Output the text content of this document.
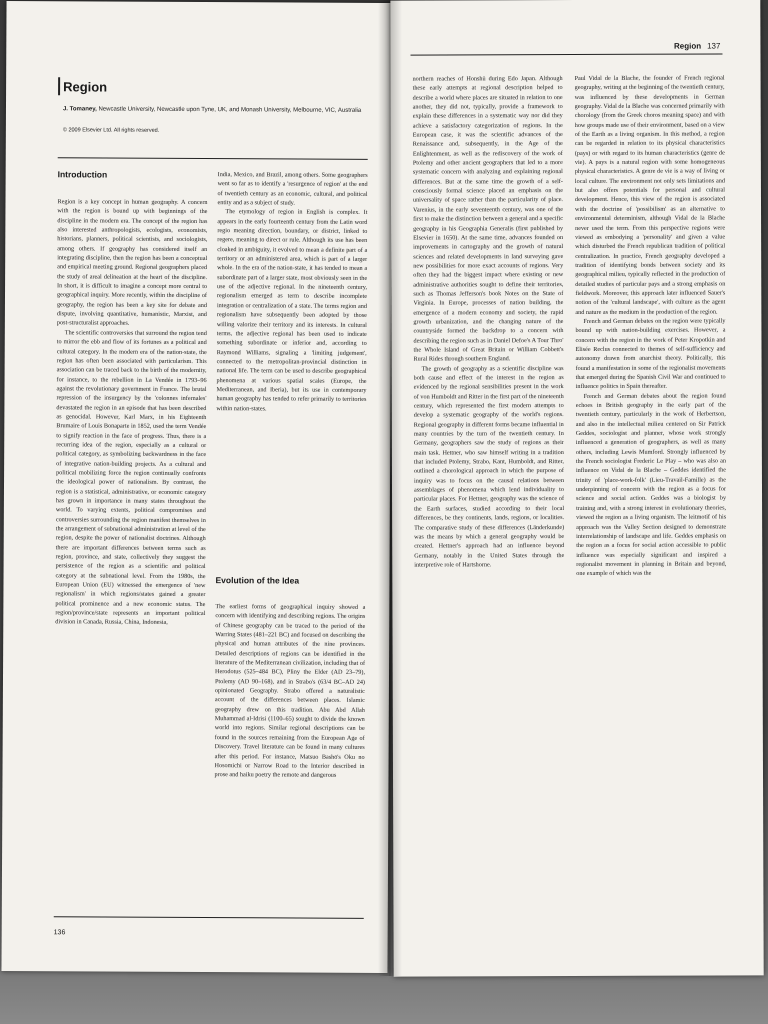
Region
J. Tomaney, Newcastle University, Newcastle upon Tyne, UK, and Monash University, Melbourne, VIC, Australia
© 2009 Elsevier Ltd. All rights reserved.
Introduction

Region is a key concept in human geography. A concern with the region is bound up with beginnings of the discipline in the modern era. The concept of the region has also interested anthropologists, ecologists, economists, historians, planners, political scientists, and sociologists, among others. If geography has considered itself an integrating discipline, then the region has been a conceptual and empirical meeting ground. Regional geographers placed the study of areal delineation at the heart of the discipline. In short, it is difficult to imagine a concept more central to geographical inquiry. More recently, within the discipline of geography, the region has been a key site for debate and dispute, involving quantitative, humanistic, Marxist, and post-structuralist approaches.

The scientific controversies that surround the region tend to mirror the ebb and flow of its fortunes as a political and cultural category. In the modern era of the nation-state, the region has often been associated with particularism. This association can be traced back to the birth of the modernity, for instance, to the rebellion in La Vendée in 1793–96 against the revolutionary government in France. The brutal repression of the insurgency by the 'colonnes infernales' devastated the region in an episode that has been described as genocidal. However, Karl Marx, in his Eighteenth Brumaire of Louis Bonaparte in 1852, used the term Vendée to signify reaction in the face of progress. Thus, there is a recurring idea of the region, especially as a cultural or political category, as symbolizing backwardness in the face of integrative nation-building projects. As a cultural and political mobilizing force the region continually confronts the ideological power of nationalism. By contrast, the region is a statistical, administrative, or economic category has grown in importance in many states throughout the world. To varying extents, political compromises and controversies surrounding the region manifest themselves in the arrangement of subnational administration at level of the region, despite the power of nationalist doctrines. Although there are important differences between terms such as region, province, and state, collectively they suggest the persistence of the region as a scientific and political category at the subnational level. From the 1980s, the European Union (EU) witnessed the emergence of 'new regionalism' in which regions/states gained a greater political prominence and a new economic status. The region/province/state represents an important political division in Canada, Russia, China, Indonesia,

India, Mexico, and Brazil, among others. Some geographers went so far as to identify a 'resurgence of region' at the end of twentieth century as an economic, cultural, and political entity and as a subject of study.

The etymology of region in English is complex. It appears in the early fourteenth century from the Latin word regio meaning direction, boundary, or district, linked to regere, meaning to direct or rule. Although its use has been cloaked in ambiguity, it evolved to mean a definite part of a territory or an administered area, which is part of a larger whole. In the era of the nation-state, it has tended to mean a subordinate part of a larger state, most obviously seen in the use of the adjective regional. In the nineteenth century, regionalism emerged as term to describe incomplete integration or centralization of a state. The terms region and regionalism have subsequently been adopted by those willing valorize their territory and its interests. In cultural terms, the adjective regional has been used to indicate something subordinate or inferior and, according to Raymond Williams, signaling a 'limiting judgement', connected to the metropolitan-provincial distinction in national life. The term can be used to describe geographical phenomena at various spatial scales (Europe, the Mediterranean, and Iberia), but its use in contemporary human geography has tended to refer primarily to territories within nation-states.

Evolution of the Idea

The earliest forms of geographical inquiry showed a concern with identifying and describing regions. The origins of Chinese geography can be traced to the period of the Warring States (481–221 BC) and focused on describing the physical and human attributes of the nine provinces. Detailed descriptions of regions can be identified in the literature of the Mediterranean civilization, including that of Herodotus (525–484 BC), Pliny the Elder (AD 23–79), Ptolemy (AD 90–168), and in Strabo's (63/4 BC–AD 24) opinionated Geography. Strabo offered a naturalistic account of the differences between places. Islamic geography drew on this tradition. Abu Abd Allah Muhammad al-Idrisi (1100–65) sought to divide the known world into regions. Similar regional descriptions can be found in the sources remaining from the European Age of Discovery. Travel literature can be found in many cultures after this period. For instance, Matsuo Bashō's Oku no Hosomichi or Narrow Road to the Interior described in prose and haiku poetry the remote and dangerous

136
Region 137

northern reaches of Honshū during Edo Japan. Although these early attempts at regional description helped to describe a world where places are situated in relation to one another, they did not, typically, provide a framework to explain these differences in a systematic way nor did they achieve a satisfactory categorization of regions. In the European case, it was the scientific advances of the Renaissance and, subsequently, in the Age of the Enlightenment, as well as the rediscovery of the work of Ptolemy and other ancient geographers that led to a more systematic concern with analyzing and explaining regional differences. But at the same time the growth of a self-consciously formal science placed an emphasis on the universality of space rather than the particularity of place. Varenius, in the early seventeenth century, was one of the first to make the distinction between a general and a specific geography in his Geographia Generalis (first published by Elsevier in 1650). At the same time, advances founded on improvements in cartography and the growth of natural sciences and related developments in land surveying gave new possibilities for more exact accounts of regions. Very often they had the biggest impact where existing or new administrative authorities sought to define their territories, such as Thomas Jefferson's book Notes on the State of Virginia. In Europe, processes of nation building, the emergence of a modern economy and society, the rapid growth urbanization, and the changing nature of the countryside formed the backdrop to a concern with describing the region such as in Daniel Defoe's A Tour Thro' the Whole Island of Great Britain or William Cobbett's Rural Rides through southern England.

The growth of geography as a scientific discipline was both cause and effect of the interest in the region as evidenced by the regional sensibilities present in the work of von Humboldt and Ritter in the first part of the nineteenth century, which represented the first modern attempts to develop a systematic geography of the world's regions. Regional geography in different forms became influential in many countries by the turn of the twentieth century. In Germany, geographers saw the study of regions as their main task. Hettner, who saw himself writing in a tradition that included Ptolemy, Strabo, Kant, Humboldt, and Ritter, outlined a chorological approach in which the purpose of inquiry was to focus on the causal relations between assemblages of phenomena which lend individuality to particular places. For Hettner, geography was the science of the Earth surfaces, studied according to their local differences, be they continents, lands, regions, or localities. The comparative study of these differences (Länderkunde) was the means by which a general geography would be created. Hettner's approach had an influence beyond Germany, notably in the United States through the interpretive role of Hartshorne.

Paul Vidal de la Blache, the founder of French regional geography, writing at the beginning of the twentieth century, was influenced by these developments in German geography. Vidal de la Blache was concerned primarily with chorology (from the Greek choros meaning space) and with how groups made use of their environment, based on a view of the Earth as a living organism. In this method, a region can be regarded in relation to its physical characteristics (pays) or with regard to its human characteristics (genre de vie). A pays is a natural region with some homogeneous physical characteristics. A genre de vie is a way of living or local culture. The environment not only sets limitations and but also offers potentials for personal and cultural development. Hence, this view of the region is associated with the doctrine of 'possibilism' as an alternative to environmental determinism, although Vidal de la Blache never used the term. From this perspective regions were viewed as embodying a 'personality' and given a value which disturbed the French republican tradition of political centralization. In practice, French geography developed a tradition of identifying bonds between society and its geographical milieu, typically reflected in the production of detailed studies of particular pays and a strong emphasis on fieldwork. Moreover, this approach later influenced Sauer's notion of the 'cultural landscape', with culture as the agent and nature as the medium in the production of the region.

French and German debates on the region were typically bound up with nation-building exercises. However, a concern with the region in the work of Peter Kropotkin and Elisée Reclus connected to themes of self-sufficiency and autonomy drawn from anarchist theory. Politically, this found a manifestation in some of the regionalist movements that emerged during the Spanish Civil War and continued to influence politics in Spain thereafter.

French and German debates about the region found echoes in British geography in the early part of the twentieth century, particularly in the work of Herbertson, and also in the intellectual milieu centered on Sir Patrick Geddes, sociologist and planner, whose work strongly influenced a generation of geographers, as well as many others, including Lewis Mumford. Strongly influenced by the French sociologist Frederic Le Play – who was also an influence on Vidal de la Blache – Geddes identified the trinity of 'place-work-folk' (Lieu-Travail-Famille) as the underpinning of concern with the region as a focus for science and social action. Geddes was a biologist by training and, with a strong interest in evolutionary theories, viewed the region as a living organism. The leitmotif of his approach was the Valley Section designed to demonstrate interrelationship of landscape and life. Geddes emphasis on the region as a focus for social action accessible to public influence was especially significant and inspired a regionalist movement in planning in Britain and beyond, one example of which was the
